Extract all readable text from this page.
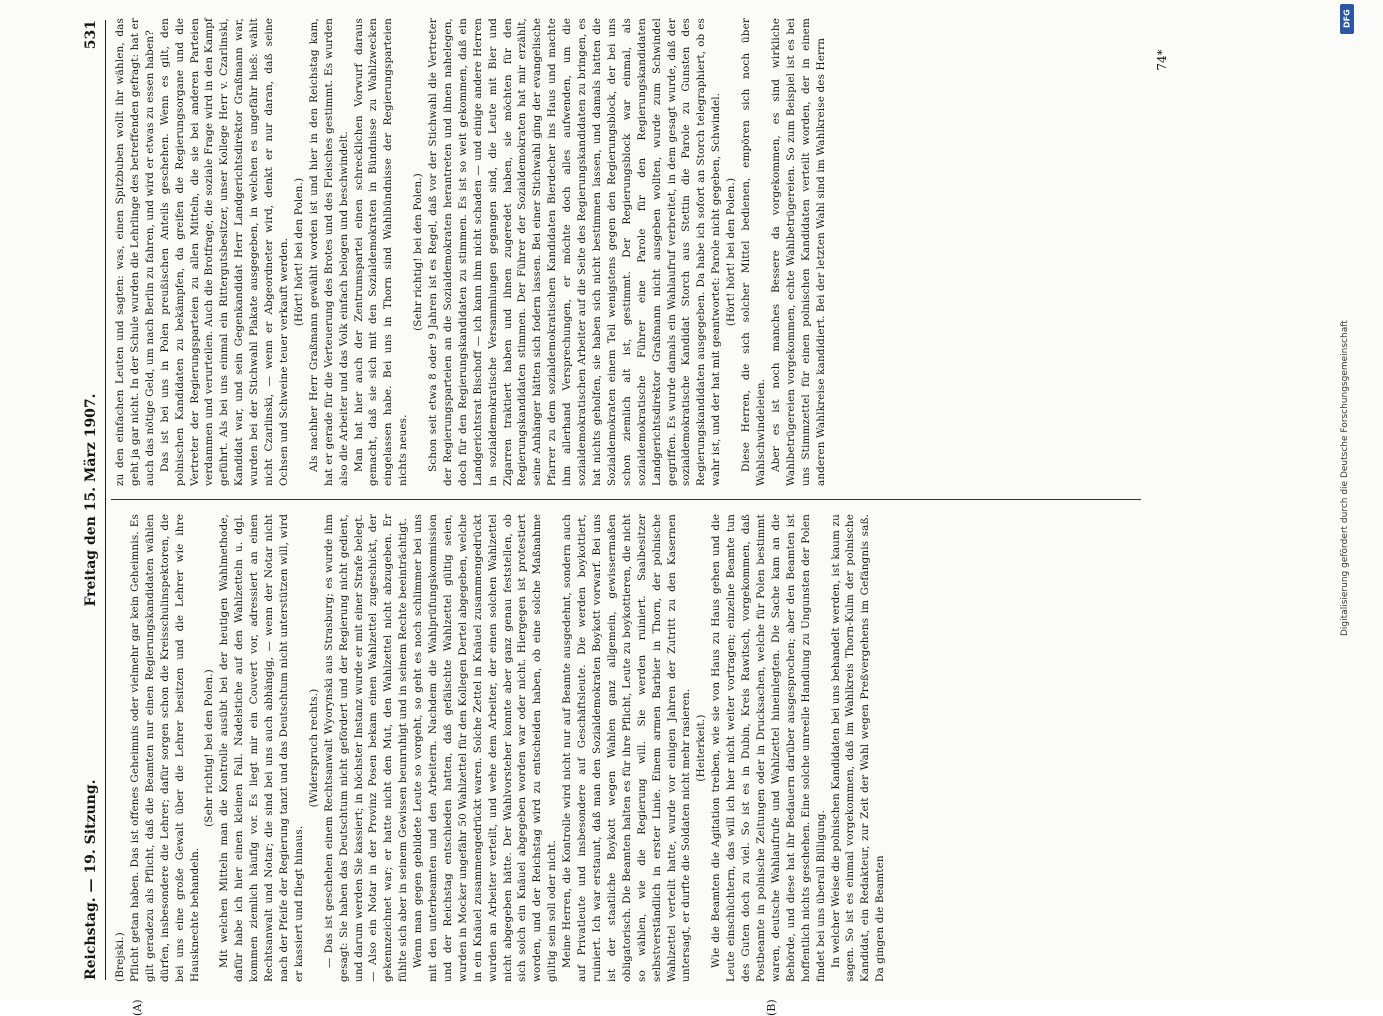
Reichstag. — 19. Sitzung.
Freitag den 15. März 1907.
531
(A)	(B)

(Brejski.) Pflicht getan haben. Das ist offenes Geheimnis oder vielmehr gar kein Geheimnis. Es gilt geradezu als Pflicht, daß die Beamten nur einen Regierungskandidaten wählen dürfen, insbesondere die Lehrer; dafür sorgen schon die Kreisschulinspektoren, die bei uns eine große Gewalt über die Lehrer besitzen und die Lehrer wie ihre Hausknechte behandeln.

(Sehr richtig! bei den Polen.) Mit welchen Mitteln man die Kontrolle ausübt bei der heutigen Wahlmethode, dafür habe ich hier einen kleinen Fall. Nadelstiche auf den Wahlzetteln u. dgl. kommen ziemlich häufig vor. Es liegt mir ein Couvert vor, adressiert an einen Rechtsanwalt und Notar; die sind bei uns auch abhängig, — wenn der Notar nicht nach der Pfeife der Regierung tanzt und das Deutschtum nicht unterstützen will, wird er kassiert und fliegt hinaus.

(Widerspruch rechts.) — Das ist geschehen einem Rechtsanwalt Wyorynski aus Strasburg; es wurde ihm gesagt: Sie haben das Deutschtum nicht gefördert und der Regierung nicht gedient, und darum werden Sie kassiert; in höchster Instanz wurde er mit einer Strafe belegt. — Also ein Notar in der Provinz Posen bekam einen Wahlzettel zugeschickt, der gekennzeichnet war; er hatte nicht den Mut, den Wahlzettel nicht abzugeben. Er fühlte sich aber in seinem Gewissen beunruhigt und in seinem Rechte beeinträchtigt. Wenn man gegen gebildete Leute so vorgeht, so geht es noch schlimmer bei uns mit den unterbeamten und den Arbeitern. Nachdem die Wahlprüfungskommission und der Reichstag entschieden hatten, daß gefälschte Wahlzettel gültig seien, wurden in Mocker ungefähr 50 Wahlzettel für den Kollegen Dertel abgegeben, welche in ein Knäuel zusammengedrückt waren. Solche Zettel in Knäuel zusammengedrückt wurden an Arbeiter verteilt, und wehe dem Arbeiter, der einen solchen Wahlzettel nicht abgegeben hätte. Der Wahlvorsteher konnte aber ganz genau feststellen, ob sich solch ein Knäuel abgegeben worden war oder nicht. Hiergegen ist protestiert worden, und der Reichstag wird zu entscheiden haben, ob eine solche Maßnahme gültig sein soll oder nicht. Meine Herren, die Kontrolle wird nicht nur auf Beamte ausgedehnt, sondern auch auf Privatleute und insbesondere auf Geschäftsleute. Die werden boykottiert, ruiniert. Ich war erstaunt, daß man den Sozialdemokraten Boykott vorwarf. Bei uns ist der staatliche Boykott wegen Wahlen ganz allgemein, gewissermaßen obligatorisch. Die Beamten halten es für ihre Pflicht, Leute zu boykottieren, die nicht so wählen, wie die Regierung will. Sie werden ruiniert. Saalbesitzer selbstverständlich in erster Linie. Einem armen Barbier in Thorn, der polnische Wahlzettel verteilt hatte, wurde vor einigen Jahren der Zutritt zu den Kasernen untersagt, er durfte die Soldaten nicht mehr rasieren. (Heiterkeit.) Wie die Beamten die Agitation treiben, wie sie von Haus zu Haus gehen und die Leute einschüchtern, das will ich hier nicht weiter vortragen; einzelne Beamte tun des Guten doch zu viel. So ist es in Dubin, Kreis Rawitsch, vorgekommen, daß Postbeamte in polnische Zeitungen oder in Drucksachen, welche für Polen bestimmt waren, deutsche Wahlaufrufe und Wahlzettel hineinlegten. Die Sache kam an die Behörde, und diese hat ihr Bedauern darüber ausgesprochen; aber den Beamten ist hoffentlich nichts geschehen. Eine solche unreelle Handlung zu Ungunsten der Polen findet bei uns überall Billigung. In welcher Weise die polnischen Kandidaten bei uns behandelt werden, ist kaum zu sagen. So ist es einmal vorgekommen, daß im Wahlkreis Thorn-Kulm der polnische Kandidat, ein Redakteur, zur Zeit der Wahl wegen Preßvergehens im Gefängnis saß. Da gingen die Beamten

zu den einfachen Leuten und sagten: was, einen Spitzbuben wollt ihr wählen, das geht ja gar nicht. In der Schule wurden die Lehrlinge des betreffenden gefragt: hat er auch das nötige Geld, um nach Berlin zu fahren, und wird er etwas zu essen haben? Das ist bei uns in Polen preußischen Anteils geschehen. Wenn es gilt, den polnischen Kandidaten zu bekämpfen, da greifen die Regierungsorgane und die Vertreter der Regierungsparteien zu allen Mitteln, die sie bei anderen Parteien verdammen und verurteilen. Auch die Brotfrage, die soziale Frage wird in den Kampf geführt. Als bei uns einmal ein Rittergutsbesitzer, unser Kollege Herr v. Czarlinski, Kandidat war, und sein Gegenkandidat Herr Landgerichtsdirektor Graßmann war, wurden bei der Stichwahl Plakate ausgegeben, in welchen es ungefähr hieß: wählt nicht Czarlinski, — wenn er Abgeordneter wird, denkt er nur daran, daß seine Ochsen und Schweine teuer verkauft werden. (Hört! hört! bei den Polen.) Als nachher Herr Graßmann gewählt worden ist und hier in den Reichstag kam, hat er gerade für die Verteuerung des Brotes und des Fleisches gestimmt. Es wurden also die Arbeiter und das Volk einfach belogen und beschwindelt. Man hat hier auch der Zentrumspartei einen schrecklichen Vorwurf daraus gemacht, daß sie sich mit den Sozialdemokraten in Bündnisse zu Wahlzwecken eingelassen habe. Bei uns in Thorn sind Wahlbündnisse der Regierungsparteien nichts neues.

(Sehr richtig! bei den Polen.) Schon seit etwa 8 oder 9 Jahren ist es Regel, daß vor der Stichwahl die Vertreter der Regierungsparteien an die Sozialdemokraten herantreten und ihnen nahelegen, doch für den Regierungskandidaten zu stimmen. Es ist so weit gekommen, daß ein Landgerichtsrat Bischoff — ich kann ihm nicht schaden — und einige andere Herren in sozialdemokratische Versammlungen gegangen sind, die Leute mit Bier und Zigarren traktiert haben und ihnen zugeredet haben, sie möchten für den Regierungskandidaten stimmen. Der Führer der Sozialdemokraten hat mir erzählt, seine Anhänger hätten sich fodern lassen. Bei einer Stichwahl ging der evangelische Pfarrer zu dem sozialdemokratischen Kandidaten Bierdecher ins Haus und machte ihm allerhand Versprechungen, er möchte doch alles aufwenden, um die sozialdemokratischen Arbeiter auf die Seite des Regierungskandidaten zu bringen, es hat nichts geholfen, sie haben sich nicht bestimmen lassen, und damals hatten die Sozialdemokraten einem Teil wenigstens gegen den Regierungsblock, der bei uns schon ziemlich alt ist, gestimmt. Der Regierungsblock war einmal, als sozialdemokratische Führer eine Parole für den Regierungskandidaten Landgerichtsdirektor Graßmann nicht ausgeben wollten, wurde zum Schwindel gegriffen. Es wurde damals ein Wahlaufruf verbreitet, in dem gesagt wurde, daß der sozialdemokratische Kandidat Storch aus Stettin die Parole zu Gunsten des Regierungskandidaten ausgegeben. Da habe ich sofort an Storch telegraphiert, ob es wahr ist, und der hat mit geantwortet: Parole nicht gegeben, Schwindel. (Hört! hört! bei den Polen.) Diese Herren, die sich solcher Mittel bedienen, empören sich noch über Wahlschwindeleien. Aber es ist noch manches Bessere da vorgekommen, es sind wirkliche Wahlbetrügereien vorgekommen, echte Wahlbetrügereien. So zum Beispiel ist es bei uns Stimmzettel für einen polnischen Kandidaten verteilt worden, der in einem anderen Wahlkreise kandidiert. Bei der letzten Wahl sind im Wahlkreise des Herrn	74*
DFG
Digitalisierung gefördert durch die Deutsche Forschungsgemeinschaft
